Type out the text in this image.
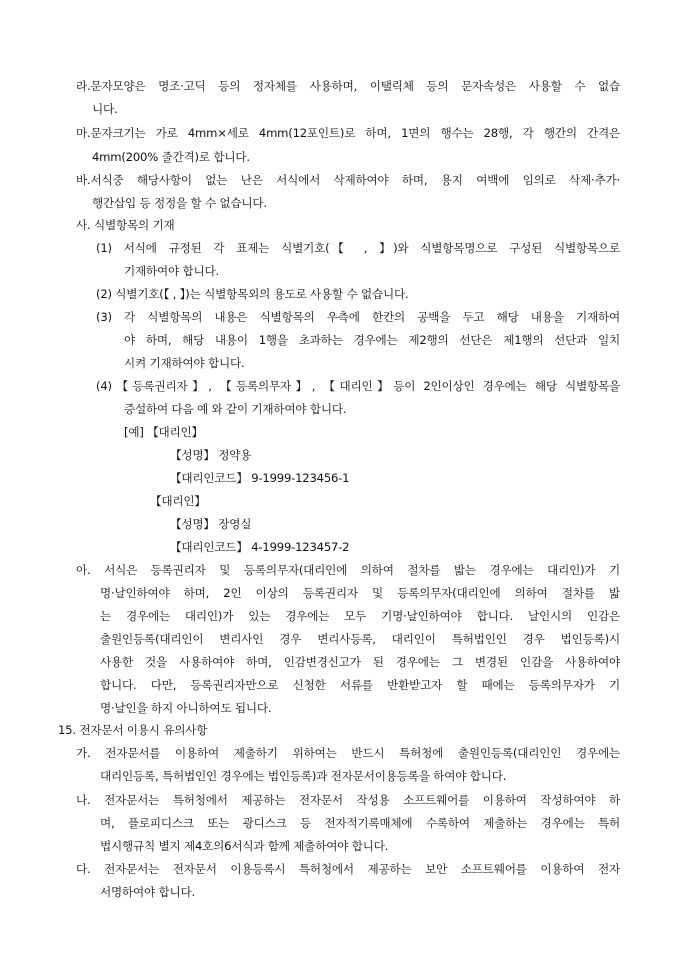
라.문자모양은 명조·고딕 등의 정자체를 사용하며, 이탤릭체 등의 문자속성은 사용할 수 없습
니다.
마.문자크기는 가로 4mm×세로 4mm(12포인트)로 하며, 1면의 행수는 28행, 각 행간의 간격은
4mm(200% 줄간격)로 합니다.
바.서식중 해당사항이 없는 난은 서식에서 삭제하여야 하며, 용지 여백에 임의로 삭제·추가·
행간삽입 등 정정을 할 수 없습니다.
사. 식별항목의 기재
(1) 서식에 규정된 각 표제는 식별기호(【 , 】)와 식별항목명으로 구성된 식별항목으로
기재하여야 합니다.
(2) 식별기호(【 , 】)는 식별항목외의 용도로 사용할 수 없습니다.
(3) 각 식별항목의 내용은 식별항목의 우측에 한칸의 공백을 두고 해당 내용을 기재하여
야 하며, 해당 내용이 1행을 초과하는 경우에는 제2행의 선단은 제1행의 선단과 일치
시켜 기재하여야 합니다.
(4)【등록권리자】, 【등록의무자】, 【대리인】등이 2인이상인 경우에는 해당 식별항목을
증설하여 다음 예 와 같이 기재하여야 합니다.
[예] 【대리인】
【성명】 정약용
【대리인코드】 9-1999-123456-1
【대리인】
【성명】 장영실
【대리인코드】 4-1999-123457-2
아. 서식은 등록권리자 및 등록의무자(대리인에 의하여 절차를 밟는 경우에는 대리인)가 기
명·날인하여야 하며, 2인 이상의 등록권리자 및 등록의무자(대리인에 의하여 절차를 밟
는 경우에는 대리인)가 있는 경우에는 모두 기명·날인하여야 합니다. 날인시의 인감은
출원인등록(대리인이 변리사인 경우 변리사등록, 대리인이 특허법인인 경우 법인등록)시
사용한 것을 사용하여야 하며, 인감변경신고가 된 경우에는 그 변경된 인감을 사용하여야
합니다. 다만, 등록권리자만으로 신청한 서류를 반환받고자 할 때에는 등록의무자가 기
명·날인을 하지 아니하여도 됩니다.
15. 전자문서 이용시 유의사항
가. 전자문서를 이용하여 제출하기 위하여는 반드시 특허청에 출원인등록(대리인인 경우에는
대리인등록, 특허법인인 경우에는 법인등록)과 전자문서이용등록을 하여야 합니다.
나. 전자문서는 특허청에서 제공하는 전자문서 작성용 소프트웨어를 이용하여 작성하여야 하
며, 플로피디스크 또는 광디스크 등 전자적기록매체에 수록하여 제출하는 경우에는 특허
법시행규칙 별지 제4호의6서식과 함께 제출하여야 합니다.
다. 전자문서는 전자문서 이용등록시 특허청에서 제공하는 보안 소프트웨어를 이용하여 전자
서명하여야 합니다.
